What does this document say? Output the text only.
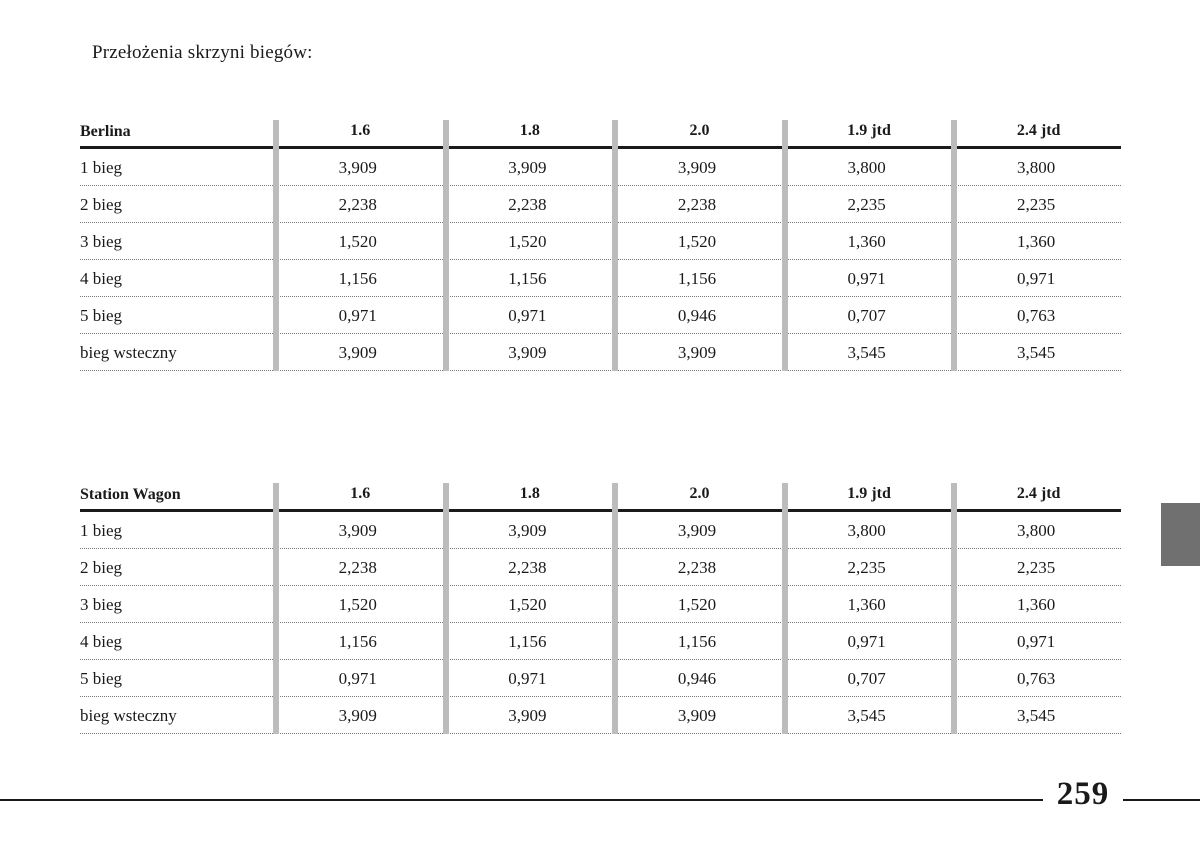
Przełożenia skrzyni biegów:
Berlina	1.6	1.8	2.0	1.9 jtd	2.4 jtd
1 bieg	3,909	3,909	3,909	3,800	3,800
2 bieg	2,238	2,238	2,238	2,235	2,235
3 bieg	1,520	1,520	1,520	1,360	1,360
4 bieg	1,156	1,156	1,156	0,971	0,971
5 bieg	0,971	0,971	0,946	0,707	0,763
bieg wsteczny	3,909	3,909	3,909	3,545	3,545
Station Wagon	1.6	1.8	2.0	1.9 jtd	2.4 jtd
1 bieg	3,909	3,909	3,909	3,800	3,800
2 bieg	2,238	2,238	2,238	2,235	2,235
3 bieg	1,520	1,520	1,520	1,360	1,360
4 bieg	1,156	1,156	1,156	0,971	0,971
5 bieg	0,971	0,971	0,946	0,707	0,763
bieg wsteczny	3,909	3,909	3,909	3,545	3,545
259
